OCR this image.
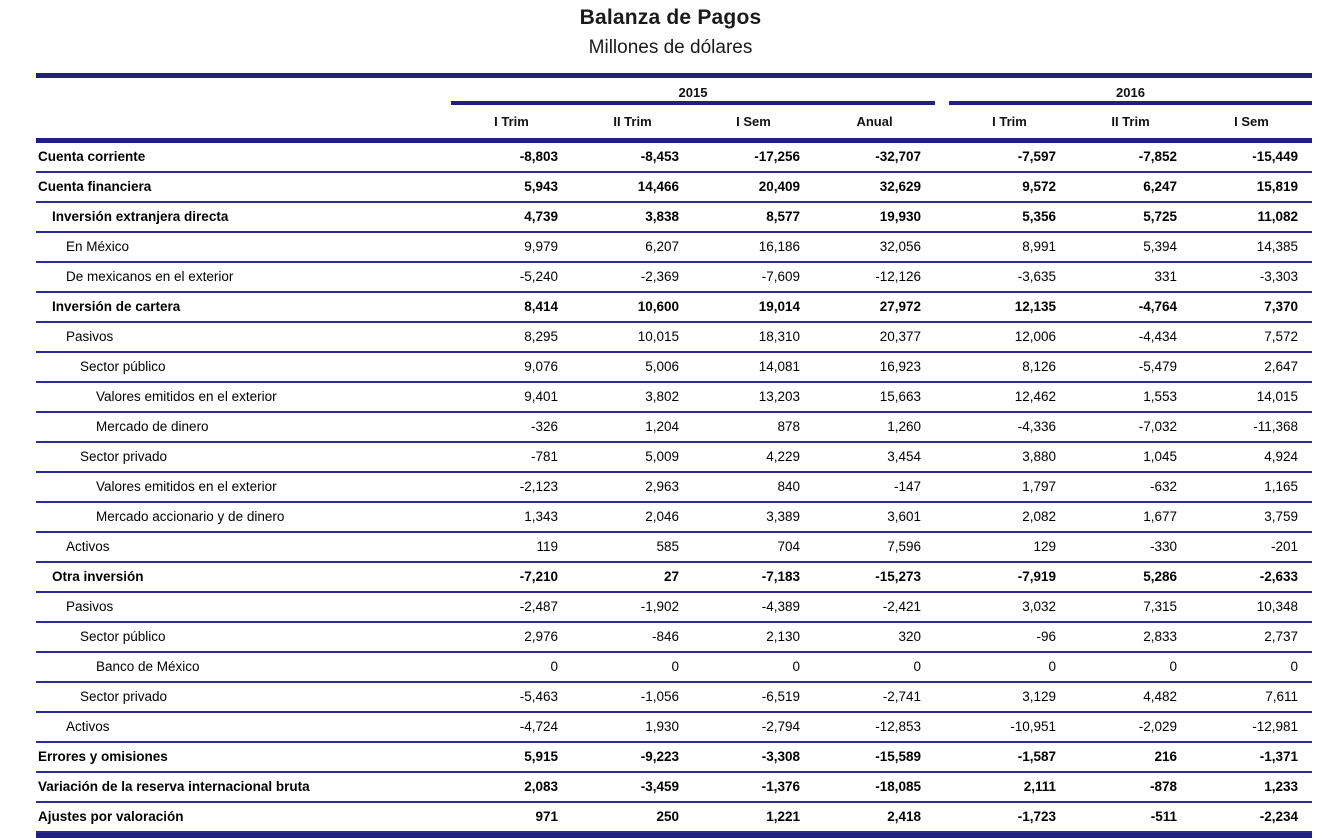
Balanza de Pagos
Millones de dólares

	2015					2016		

	I Trim	II Trim	I Sem	Anual		I Trim	II Trim	I Sem

Cuenta corriente	-8,803	-8,453	-17,256	-32,707		-7,597	-7,852	-15,449
Cuenta financiera	5,943	14,466	20,409	32,629		9,572	6,247	15,819
Inversión extranjera directa	4,739	3,838	8,577	19,930		5,356	5,725	11,082
En México	9,979	6,207	16,186	32,056		8,991	5,394	14,385
De mexicanos en el exterior	-5,240	-2,369	-7,609	-12,126		-3,635	331	-3,303
Inversión de cartera	8,414	10,600	19,014	27,972		12,135	-4,764	7,370
Pasivos	8,295	10,015	18,310	20,377		12,006	-4,434	7,572
Sector público	9,076	5,006	14,081	16,923		8,126	-5,479	2,647
Valores emitidos en el exterior	9,401	3,802	13,203	15,663		12,462	1,553	14,015
Mercado de dinero	-326	1,204	878	1,260		-4,336	-7,032	-11,368
Sector privado	-781	5,009	4,229	3,454		3,880	1,045	4,924
Valores emitidos en el exterior	-2,123	2,963	840	-147		1,797	-632	1,165
Mercado accionario y de dinero	1,343	2,046	3,389	3,601		2,082	1,677	3,759
Activos	119	585	704	7,596		129	-330	-201
Otra inversión	-7,210	27	-7,183	-15,273		-7,919	5,286	-2,633
Pasivos	-2,487	-1,902	-4,389	-2,421		3,032	7,315	10,348
Sector público	2,976	-846	2,130	320		-96	2,833	2,737
Banco de México	0	0	0	0		0	0	0
Sector privado	-5,463	-1,056	-6,519	-2,741		3,129	4,482	7,611
Activos	-4,724	1,930	-2,794	-12,853		-10,951	-2,029	-12,981
Errores y omisiones	5,915	-9,223	-3,308	-15,589		-1,587	216	-1,371
Variación de la reserva internacional bruta	2,083	-3,459	-1,376	-18,085		2,111	-878	1,233
Ajustes por valoración	971	250	1,221	2,418		-1,723	-511	-2,234
